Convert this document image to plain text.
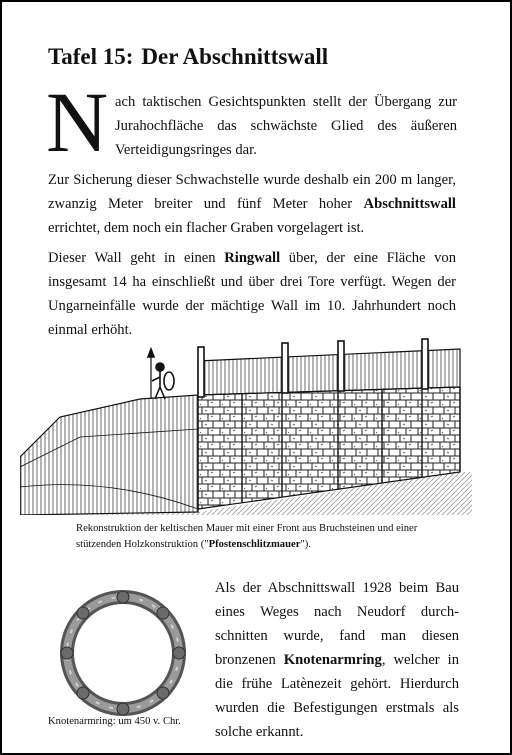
Tafel 15: Der Abschnittswall
N ach taktischen Gesichtspunkten stellt der Übergang zur Jurahochfläche das schwächste Glied des äußeren Verteidigungsringes dar.
Zur Sicherung dieser Schwachstelle wurde deshalb ein 200 m langer, zwanzig Meter breiter und fünf Meter hoher Abschnittswall errichtet, dem noch ein flacher Graben vorgelagert ist.
Dieser Wall geht in einen Ringwall über, der eine Fläche von insgesamt 14 ha einschließt und über drei Tore verfügt. Wegen der Ungarneinfälle wurde der mächtige Wall im 10. Jahrhundert noch einmal erhöht.
Rekonstruktion der keltischen Mauer mit einer Front aus Bruchsteinen und einer stützenden Holzkonstruktion ("Pfostenschlitzmauer").
Als der Abschnittswall 1928 beim Bau eines Weges nach Neudorf durchschnitten wurde, fand man diesen bronzenen Knotenarmring, welcher in die frühe Latènezeit gehört. Hierdurch wurden die Befestigungen erstmals als solche erkannt.
Knotenarmring: um 450 v. Chr.
